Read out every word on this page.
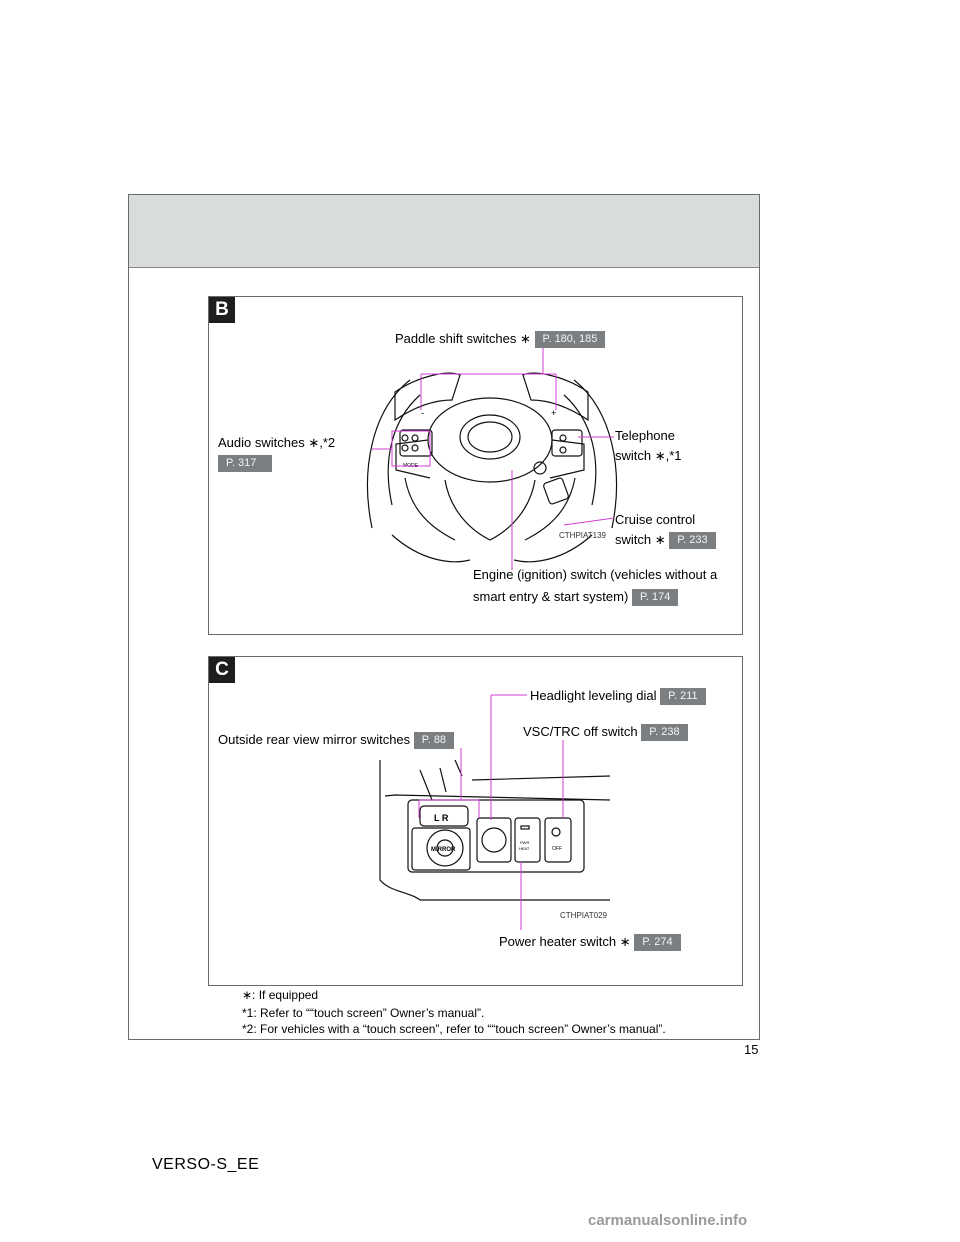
B
C
MODE
-	+
L R
MIRROR
PWR
HEAT	OFF
Paddle shift switches ∗ P. 180, 185
Audio switches ∗,*2
P. 317
Telephone
switch ∗,*1
Cruise control
switch ∗ P. 233
CTHPIAT139
Engine (ignition) switch (vehicles without a
smart entry & start system) P. 174
Headlight leveling dial P. 211
Outside rear view mirror switches P. 88
VSC/TRC off switch P. 238
CTHPIAT029
Power heater switch ∗ P. 274
∗: If equipped
*1: Refer to ““touch screen” Owner’s manual”.
*2: For vehicles with a “touch screen”, refer to ““touch screen” Owner’s manual”.
15
VERSO-S_EE
carmanualsonline.info
